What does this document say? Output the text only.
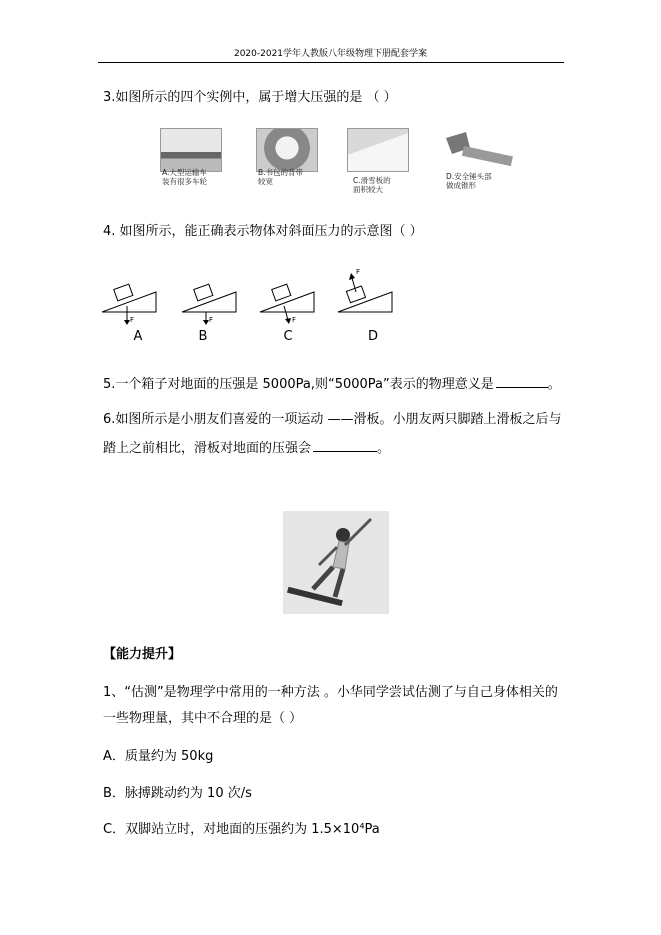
2020-2021学年人教版八年级物理下册配套学案
3.如图所示的四个实例中，属于增大压强的是 （ ）
A.大型运输车
装有很多车轮
B.书包的背带
较宽	C.滑雪板的
面积较大
D.安全锤头部
做成锥形
4. 如图所示，能正确表示物体对斜面压力的示意图（ ）
F	F	F
F
A	B	C	D
5.一个箱子对地面的压强是 5000Pa,则“5000Pa”表示的物理意义是	。
6.如图所示是小朋友们喜爱的一项运动 ——滑板。小朋友两只脚踏上滑板之后与
踏上之前相比，滑板对地面的压强会	。
【能力提升】
1、“估测”是物理学中常用的一种方法 。小华同学尝试估测了与自己身体相关的
一些物理量，其中不合理的是（ ）
A．质量约为 50kg
B．脉搏跳动约为 10 次/s
C．双脚站立时，对地面的压强约为 1.5×10⁴Pa
